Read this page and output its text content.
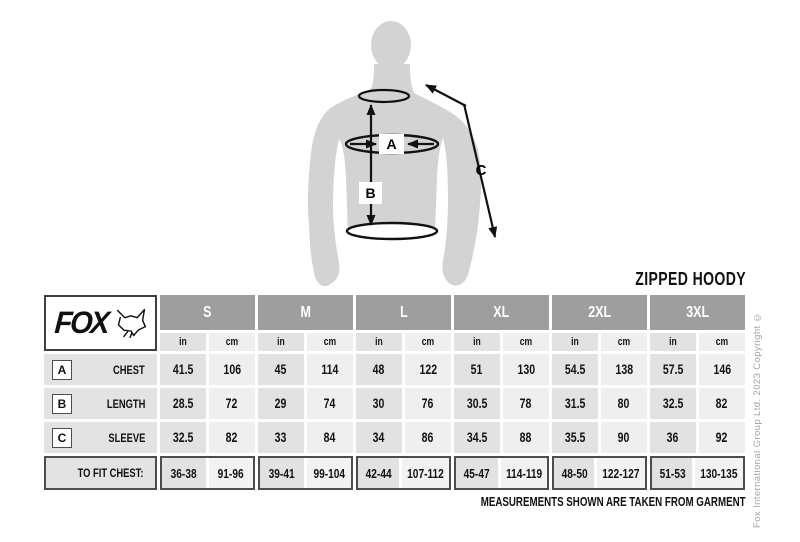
A
B
C
ZIPPED HOODY
FOX	S	M	L	XL	2XL	3XL
in	cm	in	cm	in	cm	in	cm	in	cm	in	cm
A	CHEST 41.5 106	45	114	48	122	51	130 54.5 138 57.5 146
B	LENGTH 28.5 72	29	74	30	76 30.5 78 31.5 80 32.5 82
C	SLEEVE 32.5 82	33	84	34	86 34.5 88 35.5 90	36	92
TO FIT CHEST: 36-38 91-96 39-41 99-104 42-44 107-112 45-47 114-119 48-50 122-127 51-53 130-135
MEASUREMENTS SHOWN ARE TAKEN FROM GARMENT Fox International Group Ltd. 2023 Copyright ©
